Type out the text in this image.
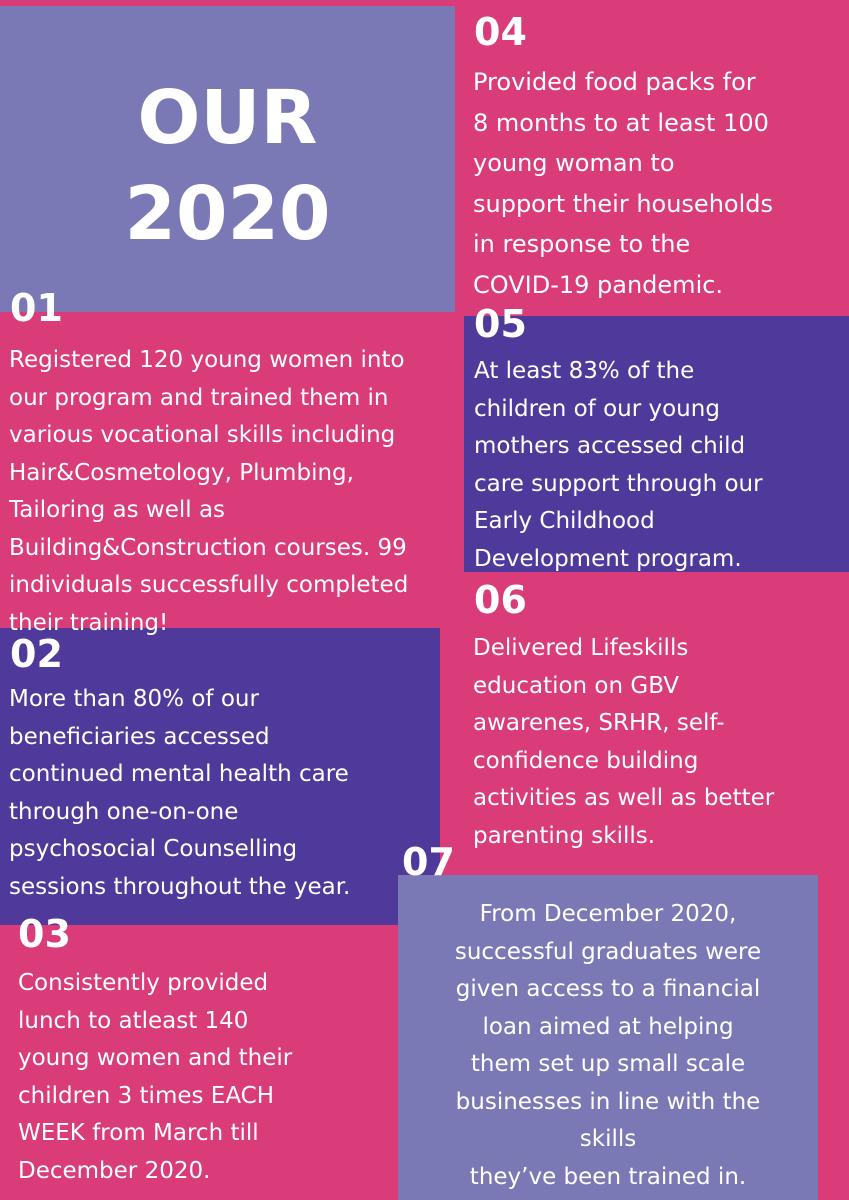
OUR
2020
01
Registered 120 young women into
our program and trained them in
various vocational skills including
Hair&Cosmetology, Plumbing,
Tailoring as well as
Building&Construction courses. 99
individuals successfully completed
their training!
02
More than 80% of our
beneficiaries accessed
continued mental health care
through one-on-one
psychosocial Counselling
sessions throughout the year.
03
Consistently provided
lunch to atleast 140
young women and their
children 3 times EACH
WEEK from March till
December 2020.
04
Provided food packs for
8 months to at least 100
young woman to
support their households
in response to the
COVID-19 pandemic.
05
At least 83% of the
children of our young
mothers accessed child
care support through our
Early Childhood
Development program.
06
Delivered Lifeskills
education on GBV
awarenes, SRHR, self-
confidence building
activities as well as better
parenting skills.
07
From December 2020,
successful graduates were
given access to a financial
loan aimed at helping
them set up small scale
businesses in line with the
skills
they’ve been trained in.
